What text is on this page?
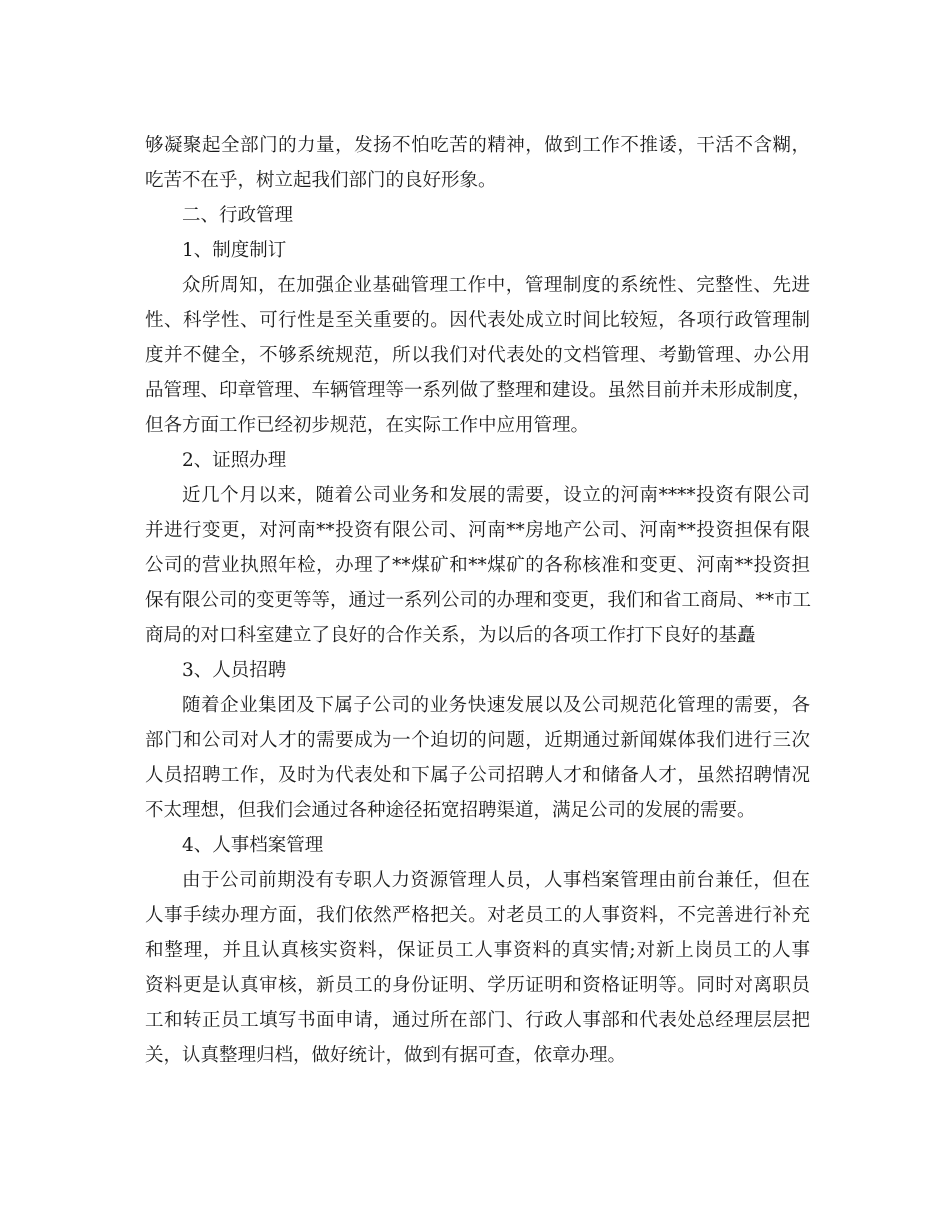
够凝聚起全部门的力量，发扬不怕吃苦的精神，做到工作不推诿，干活不含糊，
吃苦不在乎，树立起我们部门的良好形象。

二、行政管理

1、制度制订

众所周知，在加强企业基础管理工作中，管理制度的系统性、完整性、先进
性、科学性、可行性是至关重要的。因代表处成立时间比较短，各项行政管理制
度并不健全，不够系统规范，所以我们对代表处的文档管理、考勤管理、办公用
品管理、印章管理、车辆管理等一系列做了整理和建设。虽然目前并未形成制度，
但各方面工作已经初步规范，在实际工作中应用管理。

2、证照办理

近几个月以来，随着公司业务和发展的需要，设立的河南****投资有限公司
并进行变更，对河南**投资有限公司、河南**房地产公司、河南**投资担保有限
公司的营业执照年检，办理了**煤矿和**煤矿的各称核准和变更、河南**投资担
保有限公司的变更等等，通过一系列公司的办理和变更，我们和省工商局、**市工
商局的对口科室建立了良好的合作关系，为以后的各项工作打下良好的基矗

3、人员招聘

随着企业集团及下属子公司的业务快速发展以及公司规范化管理的需要，各
部门和公司对人才的需要成为一个迫切的问题，近期通过新闻媒体我们进行三次
人员招聘工作，及时为代表处和下属子公司招聘人才和储备人才，虽然招聘情况
不太理想，但我们会通过各种途径拓宽招聘渠道，满足公司的发展的需要。

4、人事档案管理

由于公司前期没有专职人力资源管理人员，人事档案管理由前台兼任，但在
人事手续办理方面，我们依然严格把关。对老员工的人事资料，不完善进行补充
和整理，并且认真核实资料，保证员工人事资料的真实情;对新上岗员工的人事
资料更是认真审核，新员工的身份证明、学历证明和资格证明等。同时对离职员
工和转正员工填写书面申请，通过所在部门、行政人事部和代表处总经理层层把
关，认真整理归档，做好统计，做到有据可查，依章办理。
